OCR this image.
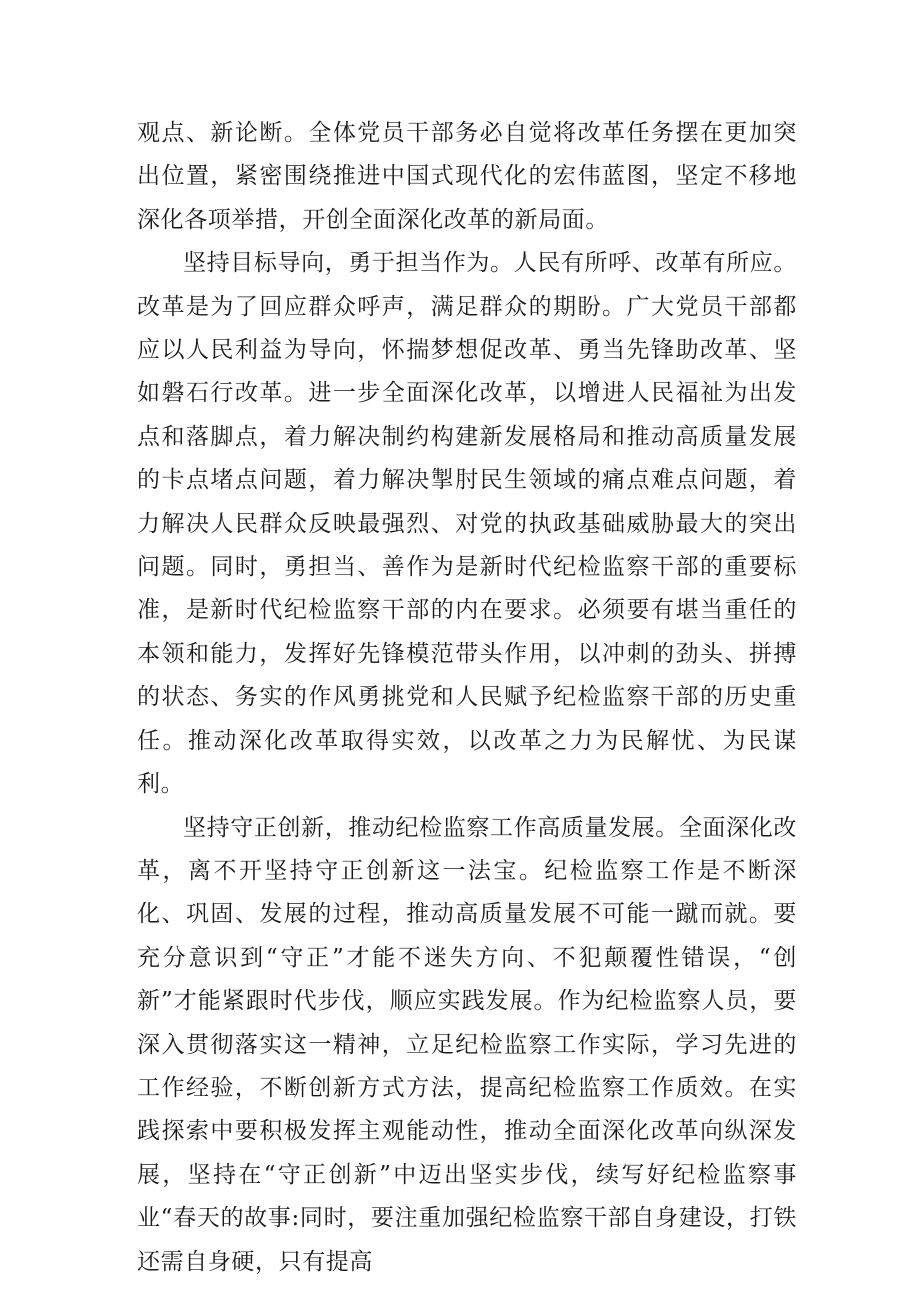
观点、新论断。全体党员干部务必自觉将改革任务摆在更加突出位置，紧密围绕推进中国式现代化的宏伟蓝图，坚定不移地深化各项举措，开创全面深化改革的新局面。

坚持目标导向，勇于担当作为。人民有所呼、改革有所应。改革是为了回应群众呼声，满足群众的期盼。广大党员干部都应以人民利益为导向，怀揣梦想促改革、勇当先锋助改革、坚如磐石行改革。进一步全面深化改革，以增进人民福祉为出发点和落脚点，着力解决制约构建新发展格局和推动高质量发展的卡点堵点问题，着力解决掣肘民生领域的痛点难点问题，着力解决人民群众反映最强烈、对党的执政基础威胁最大的突出问题。同时，勇担当、善作为是新时代纪检监察干部的重要标准，是新时代纪检监察干部的内在要求。必须要有堪当重任的本领和能力，发挥好先锋模范带头作用，以冲刺的劲头、拼搏的状态、务实的作风勇挑党和人民赋予纪检监察干部的历史重任。推动深化改革取得实效，以改革之力为民解忧、为民谋利。

坚持守正创新，推动纪检监察工作高质量发展。全面深化改革，离不开坚持守正创新这一法宝。纪检监察工作是不断深化、巩固、发展的过程，推动高质量发展不可能一蹴而就。要充分意识到“守正”才能不迷失方向、不犯颠覆性错误，“创新”才能紧跟时代步伐，顺应实践发展。作为纪检监察人员，要深入贯彻落实这一精神，立足纪检监察工作实际，学习先进的工作经验，不断创新方式方法，提高纪检监察工作质效。在实践探索中要积极发挥主观能动性，推动全面深化改革向纵深发展，坚持在“守正创新”中迈出坚实步伐，续写好纪检监察事业“春天的故事:同时，要注重加强纪检监察干部自身建设，打铁还需自身硬，只有提高
